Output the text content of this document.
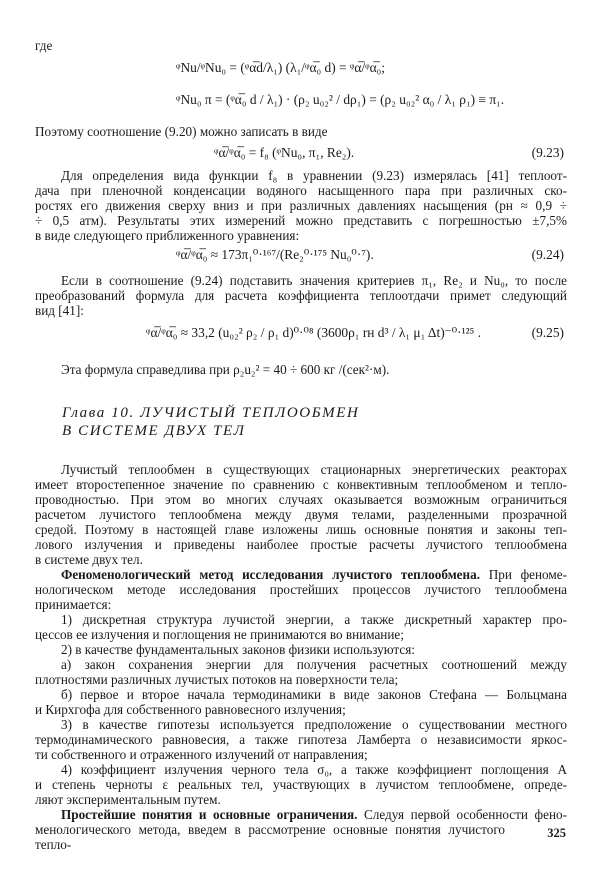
где
ᵠNu/ᵠNu₀ = (ᵠα̅d/λ₁) (λ₁/ᵠα̅₀ d) = ᵠα̅/ᵠα̅₀;
ᵠNu₀ π = (ᵠα̅₀ d / λ₁) · (ρ₂ u₀₂² / dρ₁) = (ρ₂ u₀₂² α₀ / λ₁ ρ₁) ≡ π₁.
Поэтому соотношение (9.20) можно записать в виде
ᵠα̅/ᵠα̅₀ = f₈ (ᵠNu₀, π₁, Re₂).	(9.23)
Для определения вида функции f₈ в уравнении (9.23) измерялась [41] теплоот-
дача при пленочной конденсации водяного насыщенного пара при различных ско-
ростях его движения сверху вниз и при различных давлениях насыщения (pн ≈ 0,9 ÷
÷ 0,5 атм). Результаты этих измерений можно представить с погрешностью ±7,5%
в виде следующего приближенного уравнения:
ᵠα̅/ᵠα̅₀ ≈ 173π₁⁰·¹⁶⁷/(Re₂⁰·¹⁷⁵ Nu₀⁰·⁷).	(9.24)
Если в соотношение (9.24) подставить значения критериев π₁, Re₂ и Nu₀, то после
преобразований формула для расчета коэффициента теплоотдачи примет следующий
вид [41]:
ᵠα̅/ᵠα̅₀ ≈ 33,2 (u₀₂² ρ₂ / ρ₁ d)⁰·⁰⁸ (3600ρ₁ rн d³ / λ₁ μ₁ Δt)⁻⁰·¹²⁵ .	(9.25)
Эта формула справедлива при ρ₂u₂² = 40 ÷ 600 кг /(сек²·м).
Глава 10. ЛУЧИСТЫЙ ТЕПЛООБМЕН
В СИСТЕМЕ ДВУХ ТЕЛ
Лучистый теплообмен в существующих стационарных энергетических реакторах
имеет второстепенное значение по сравнению с конвективным теплообменом и тепло-
проводностью. При этом во многих случаях оказывается возможным ограничиться
расчетом лучистого теплообмена между двумя телами, разделенными прозрачной
средой. Поэтому в настоящей главе изложены лишь основные понятия и законы теп-
лового излучения и приведены наиболее простые расчеты лучистого теплообмена
в системе двух тел.
Феноменологический метод исследования лучистого теплообмена. При феноме-
нологическом методе исследования простейших процессов лучистого теплообмена
принимается:
1) дискретная структура лучистой энергии, а также дискретный характер про-
цессов ее излучения и поглощения не принимаются во внимание;
2) в качестве фундаментальных законов физики используются:
а) закон сохранения энергии для получения расчетных соотношений между
плотностями различных лучистых потоков на поверхности тела;
б) первое и второе начала термодинамики в виде законов Стефана — Больцмана
и Кирхгофа для собственного равновесного излучения;
3) в качестве гипотезы используется предположение о существовании местного
термодинамического равновесия, а также гипотеза Ламберта о независимости яркос-
ти собственного и отраженного излучений от направления;
4) коэффициент излучения черного тела σ₀, а также коэффициент поглощения A
и степень черноты ε реальных тел, участвующих в лучистом теплообмене, опреде-
ляют экспериментальным путем.
Простейшие понятия и основные ограничения. Следуя первой особенности фено-
менологического метода, введем в рассмотрение основные понятия лучистого тепло-
325
